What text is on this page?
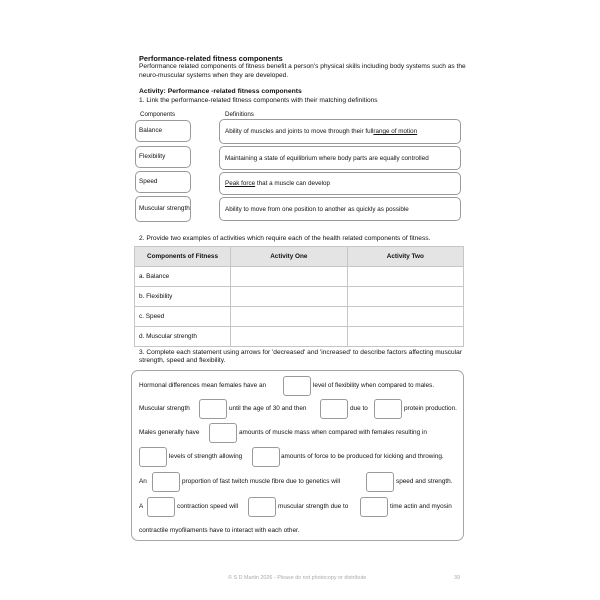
Performance-related fitness components
Performance related components of fitness benefit a person's physical skills including body systems such as the neuro-muscular systems when they are developed.
Activity: Performance -related fitness components
1. Link the performance-related fitness components with their matching definitions
Components	Definitions
Balance
Flexibility
Speed
Muscular strength
Ability of muscles and joints to move through their full range of motion
Maintaining a state of equilibrium where body parts are equally controlled
Peak force that a muscle can develop
Ability to move from one position to another as quickly as possible
2. Provide two examples of activities which require each of the health related components of fitness.
Components of Fitness	Activity One	Activity Two
a. Balance		
b. Flexibility		
c. Speed		
d. Muscular strength		
3. Complete each statement using arrows for 'decreased' and 'increased' to describe factors affecting muscular strength, speed and flexibility.
Hormonal differences mean females have an	level of flexibility when compared to males.
Muscular strength	until the age of 30 and then	due to	protein production.
Males generally have	amounts of muscle mass when compared with females resulting in
levels of strength allowing	amounts of force to be produced for kicking and throwing.
An	proportion of fast twitch muscle fibre due to genetics will	speed and strength.
A	contraction speed will	muscular strength due to	time actin and myosin
contractile myofilaments have to interact with each other.
© S D Martin 2026 - Please do not photocopy or distribute	39
